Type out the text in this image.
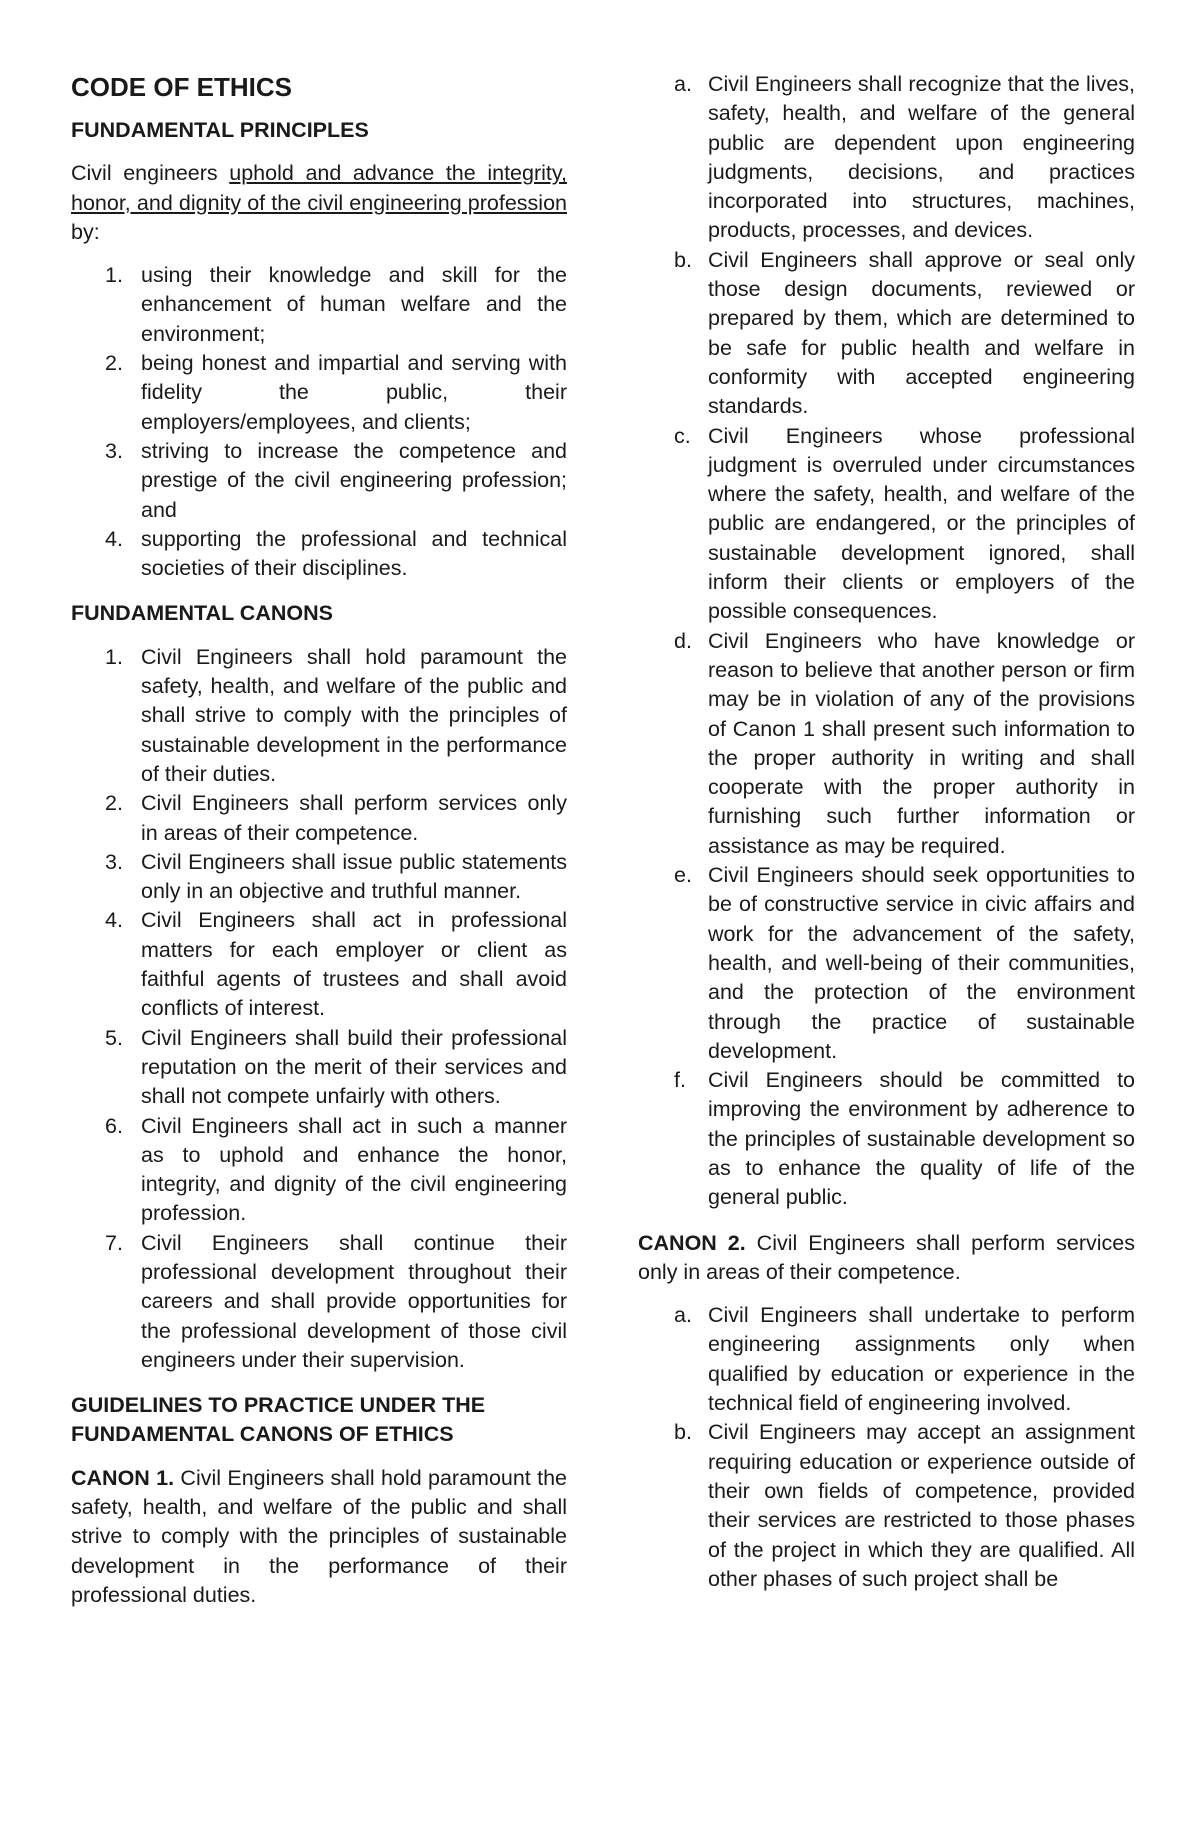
CODE OF ETHICS
FUNDAMENTAL PRINCIPLES

Civil engineers uphold and advance the integrity, honor, and dignity of the civil engineering profession by:

1. using their knowledge and skill for the enhancement of human welfare and the environment;
2. being honest and impartial and serving with fidelity the public, their employers/employees, and clients;
3. striving to increase the competence and prestige of the civil engineering profession; and
4. supporting the professional and technical societies of their disciplines.
FUNDAMENTAL CANONS
1. Civil Engineers shall hold paramount the safety, health, and welfare of the public and shall strive to comply with the principles of sustainable development in the performance of their duties.
2. Civil Engineers shall perform services only in areas of their competence.
3. Civil Engineers shall issue public statements only in an objective and truthful manner.
4. Civil Engineers shall act in professional matters for each employer or client as faithful agents of trustees and shall avoid conflicts of interest.
5. Civil Engineers shall build their professional reputation on the merit of their services and shall not compete unfairly with others.
6. Civil Engineers shall act in such a manner as to uphold and enhance the honor, integrity, and dignity of the civil engineering profession.
7. Civil Engineers shall continue their professional development throughout their careers and shall provide opportunities for the professional development of those civil engineers under their supervision.
GUIDELINES TO PRACTICE UNDER THE FUNDAMENTAL CANONS OF ETHICS

CANON 1. Civil Engineers shall hold paramount the safety, health, and welfare of the public and shall strive to comply with the principles of sustainable development in the performance of their professional duties.

a. Civil Engineers shall recognize that the lives, safety, health, and welfare of the general public are dependent upon engineering judgments, decisions, and practices incorporated into structures, machines, products, processes, and devices.
b. Civil Engineers shall approve or seal only those design documents, reviewed or prepared by them, which are determined to be safe for public health and welfare in conformity with accepted engineering standards.
c. Civil Engineers whose professional judgment is overruled under circumstances where the safety, health, and welfare of the public are endangered, or the principles of sustainable development ignored, shall inform their clients or employers of the possible consequences.
d. Civil Engineers who have knowledge or reason to believe that another person or firm may be in violation of any of the provisions of Canon 1 shall present such information to the proper authority in writing and shall cooperate with the proper authority in furnishing such further information or assistance as may be required.
e. Civil Engineers should seek opportunities to be of constructive service in civic affairs and work for the advancement of the safety, health, and well-being of their communities, and the protection of the environment through the practice of sustainable development.
f. Civil Engineers should be committed to improving the environment by adherence to the principles of sustainable development so as to enhance the quality of life of the general public.

CANON 2. Civil Engineers shall perform services only in areas of their competence.

a. Civil Engineers shall undertake to perform engineering assignments only when qualified by education or experience in the technical field of engineering involved.
b. Civil Engineers may accept an assignment requiring education or experience outside of their own fields of competence, provided their services are restricted to those phases of the project in which they are qualified. All other phases of such project shall be
